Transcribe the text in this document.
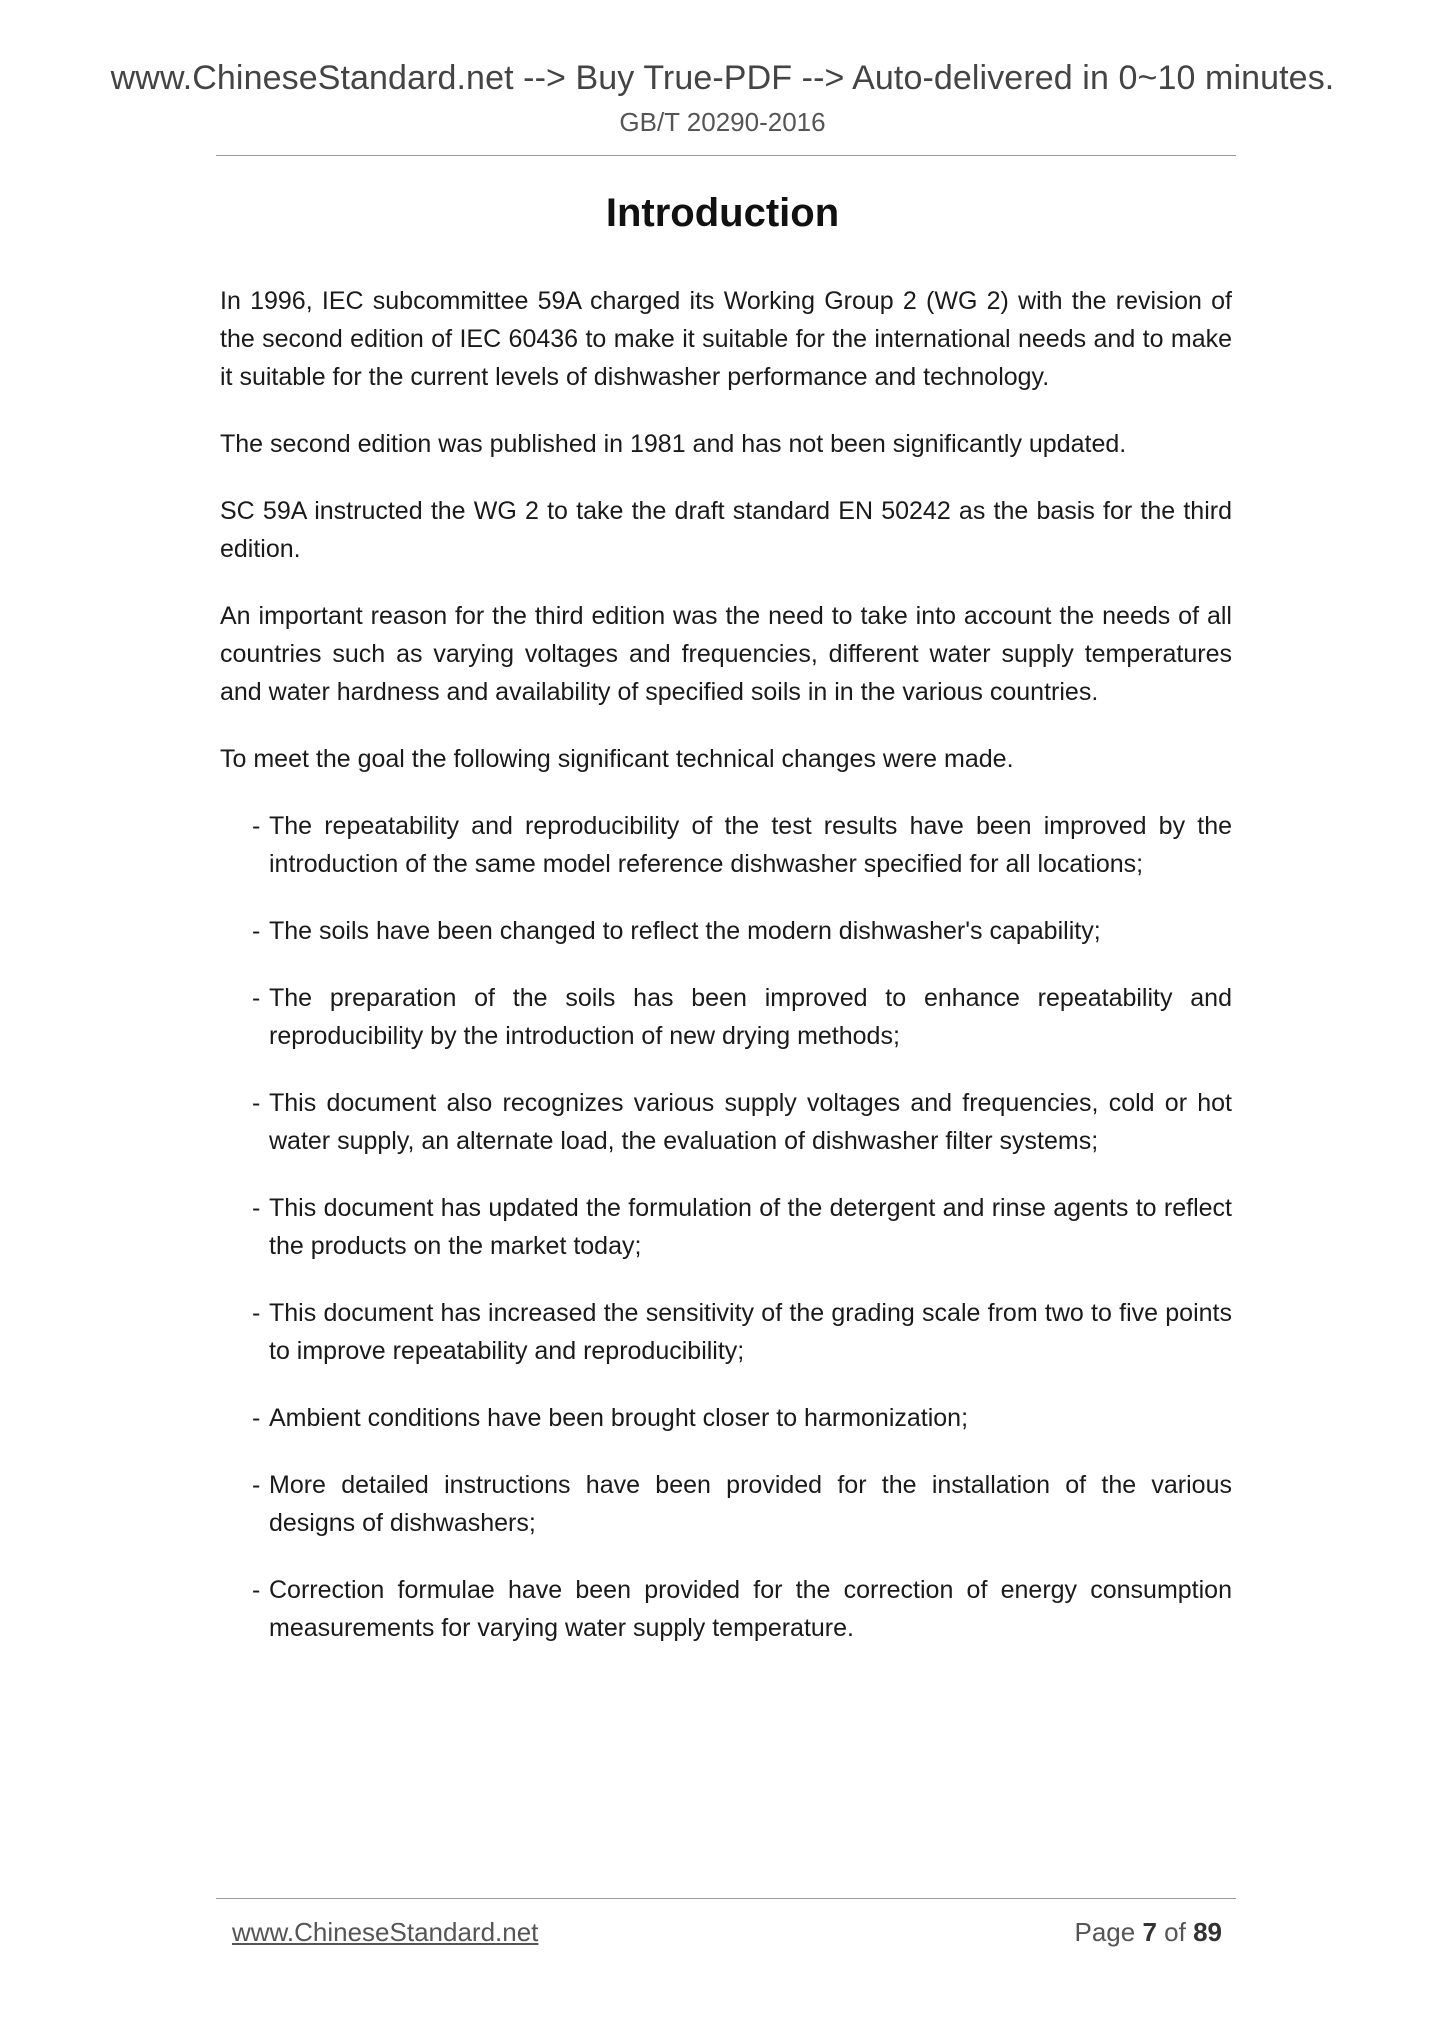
www.ChineseStandard.net --> Buy True-PDF --> Auto-delivered in 0~10 minutes.
GB/T 20290-2016
Introduction

In 1996, IEC subcommittee 59A charged its Working Group 2 (WG 2) with the revision of the second edition of IEC 60436 to make it suitable for the international needs and to make it suitable for the current levels of dishwasher performance and technology.

The second edition was published in 1981 and has not been significantly updated.

SC 59A instructed the WG 2 to take the draft standard EN 50242 as the basis for the third edition.

An important reason for the third edition was the need to take into account the needs of all countries such as varying voltages and frequencies, different water supply temperatures and water hardness and availability of specified soils in in the various countries.

To meet the goal the following significant technical changes were made.

- The repeatability and reproducibility of the test results have been improved by the introduction of the same model reference dishwasher specified for all locations;
- The soils have been changed to reflect the modern dishwasher's capability;
- The preparation of the soils has been improved to enhance repeatability and reproducibility by the introduction of new drying methods;
- This document also recognizes various supply voltages and frequencies, cold or hot water supply, an alternate load, the evaluation of dishwasher filter systems;
- This document has updated the formulation of the detergent and rinse agents to reflect the products on the market today;
- This document has increased the sensitivity of the grading scale from two to five points to improve repeatability and reproducibility;
- Ambient conditions have been brought closer to harmonization;
- More detailed instructions have been provided for the installation of the various designs of dishwashers;
- Correction formulae have been provided for the correction of energy consumption measurements for varying water supply temperature.
www.ChineseStandard.net	Page 7 of 89
